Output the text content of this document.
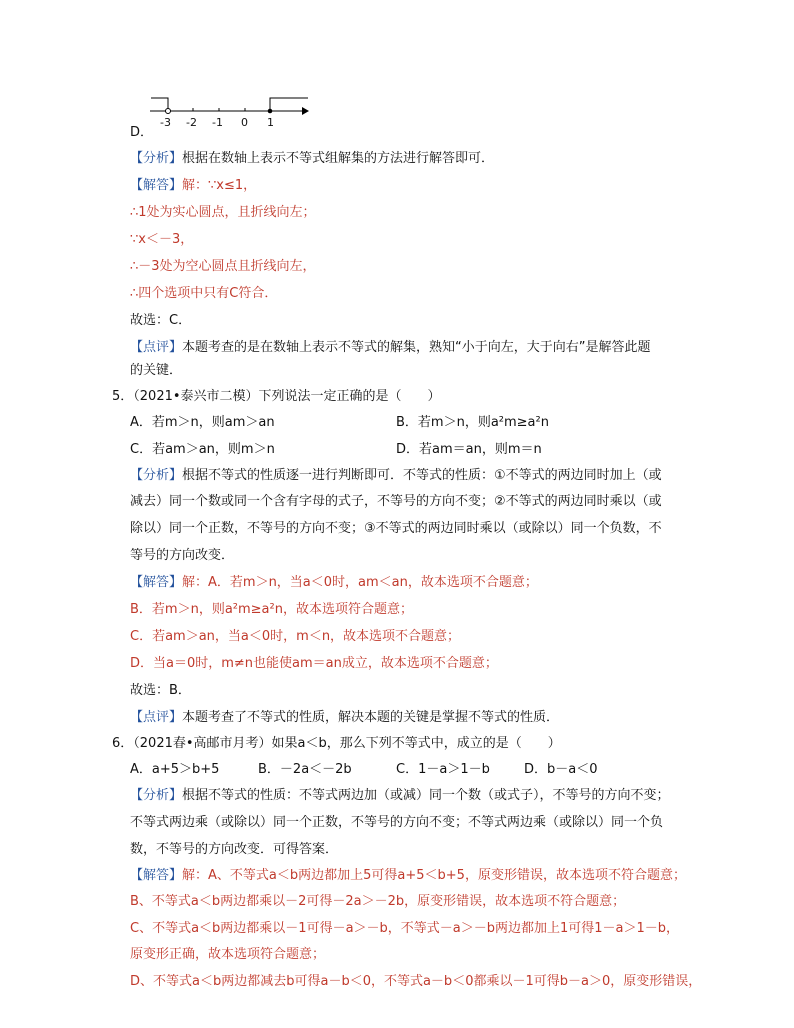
-3 -2 -1 0 1
D．
【分析】根据在数轴上表示不等式组解集的方法进行解答即可．
【解答】解：∵x≤1，
∴1处为实心圆点，且折线向左；
∵x＜－3，
∴－3处为空心圆点且折线向左，
∴四个选项中只有C符合．
故选：C．
【点评】本题考查的是在数轴上表示不等式的解集，熟知“小于向左，大于向右”是解答此题
的关键．
5．（2021•泰兴市二模）下列说法一定正确的是（　　）
A．若m＞n，则am＞an	B．若m＞n，则a²m≥a²n
C．若am＞an，则m＞n	D．若am＝an，则m＝n
【分析】根据不等式的性质逐一进行判断即可．不等式的性质：①不等式的两边同时加上（或
减去）同一个数或同一个含有字母的式子，不等号的方向不变；②不等式的两边同时乘以（或
除以）同一个正数，不等号的方向不变；③不等式的两边同时乘以（或除以）同一个负数，不
等号的方向改变．
【解答】解：A．若m＞n，当a＜0时，am＜an，故本选项不合题意；
B．若m＞n，则a²m≥a²n，故本选项符合题意；
C．若am＞an，当a＜0时，m＜n，故本选项不合题意；
D．当a＝0时，m≠n也能使am＝an成立，故本选项不合题意；
故选：B．
【点评】本题考查了不等式的性质，解决本题的关键是掌握不等式的性质．
6．（2021春•高邮市月考）如果a＜b，那么下列不等式中，成立的是（　　）
A．a+5＞b+5	B．－2a＜－2b	C．1－a＞1－b	D．b－a＜0
【分析】根据不等式的性质：不等式两边加（或减）同一个数（或式子），不等号的方向不变；
不等式两边乘（或除以）同一个正数，不等号的方向不变；不等式两边乘（或除以）同一个负
数，不等号的方向改变．可得答案．
【解答】解：A、不等式a＜b两边都加上5可得a+5＜b+5，原变形错误，故本选项不符合题意；
B、不等式a＜b两边都乘以－2可得－2a＞－2b，原变形错误，故本选项不符合题意；
C、不等式a＜b两边都乘以－1可得－a＞－b，不等式－a＞－b两边都加上1可得1－a＞1－b，
原变形正确，故本选项符合题意；
D、不等式a＜b两边都减去b可得a－b＜0，不等式a－b＜0都乘以－1可得b－a＞0，原变形错误，
